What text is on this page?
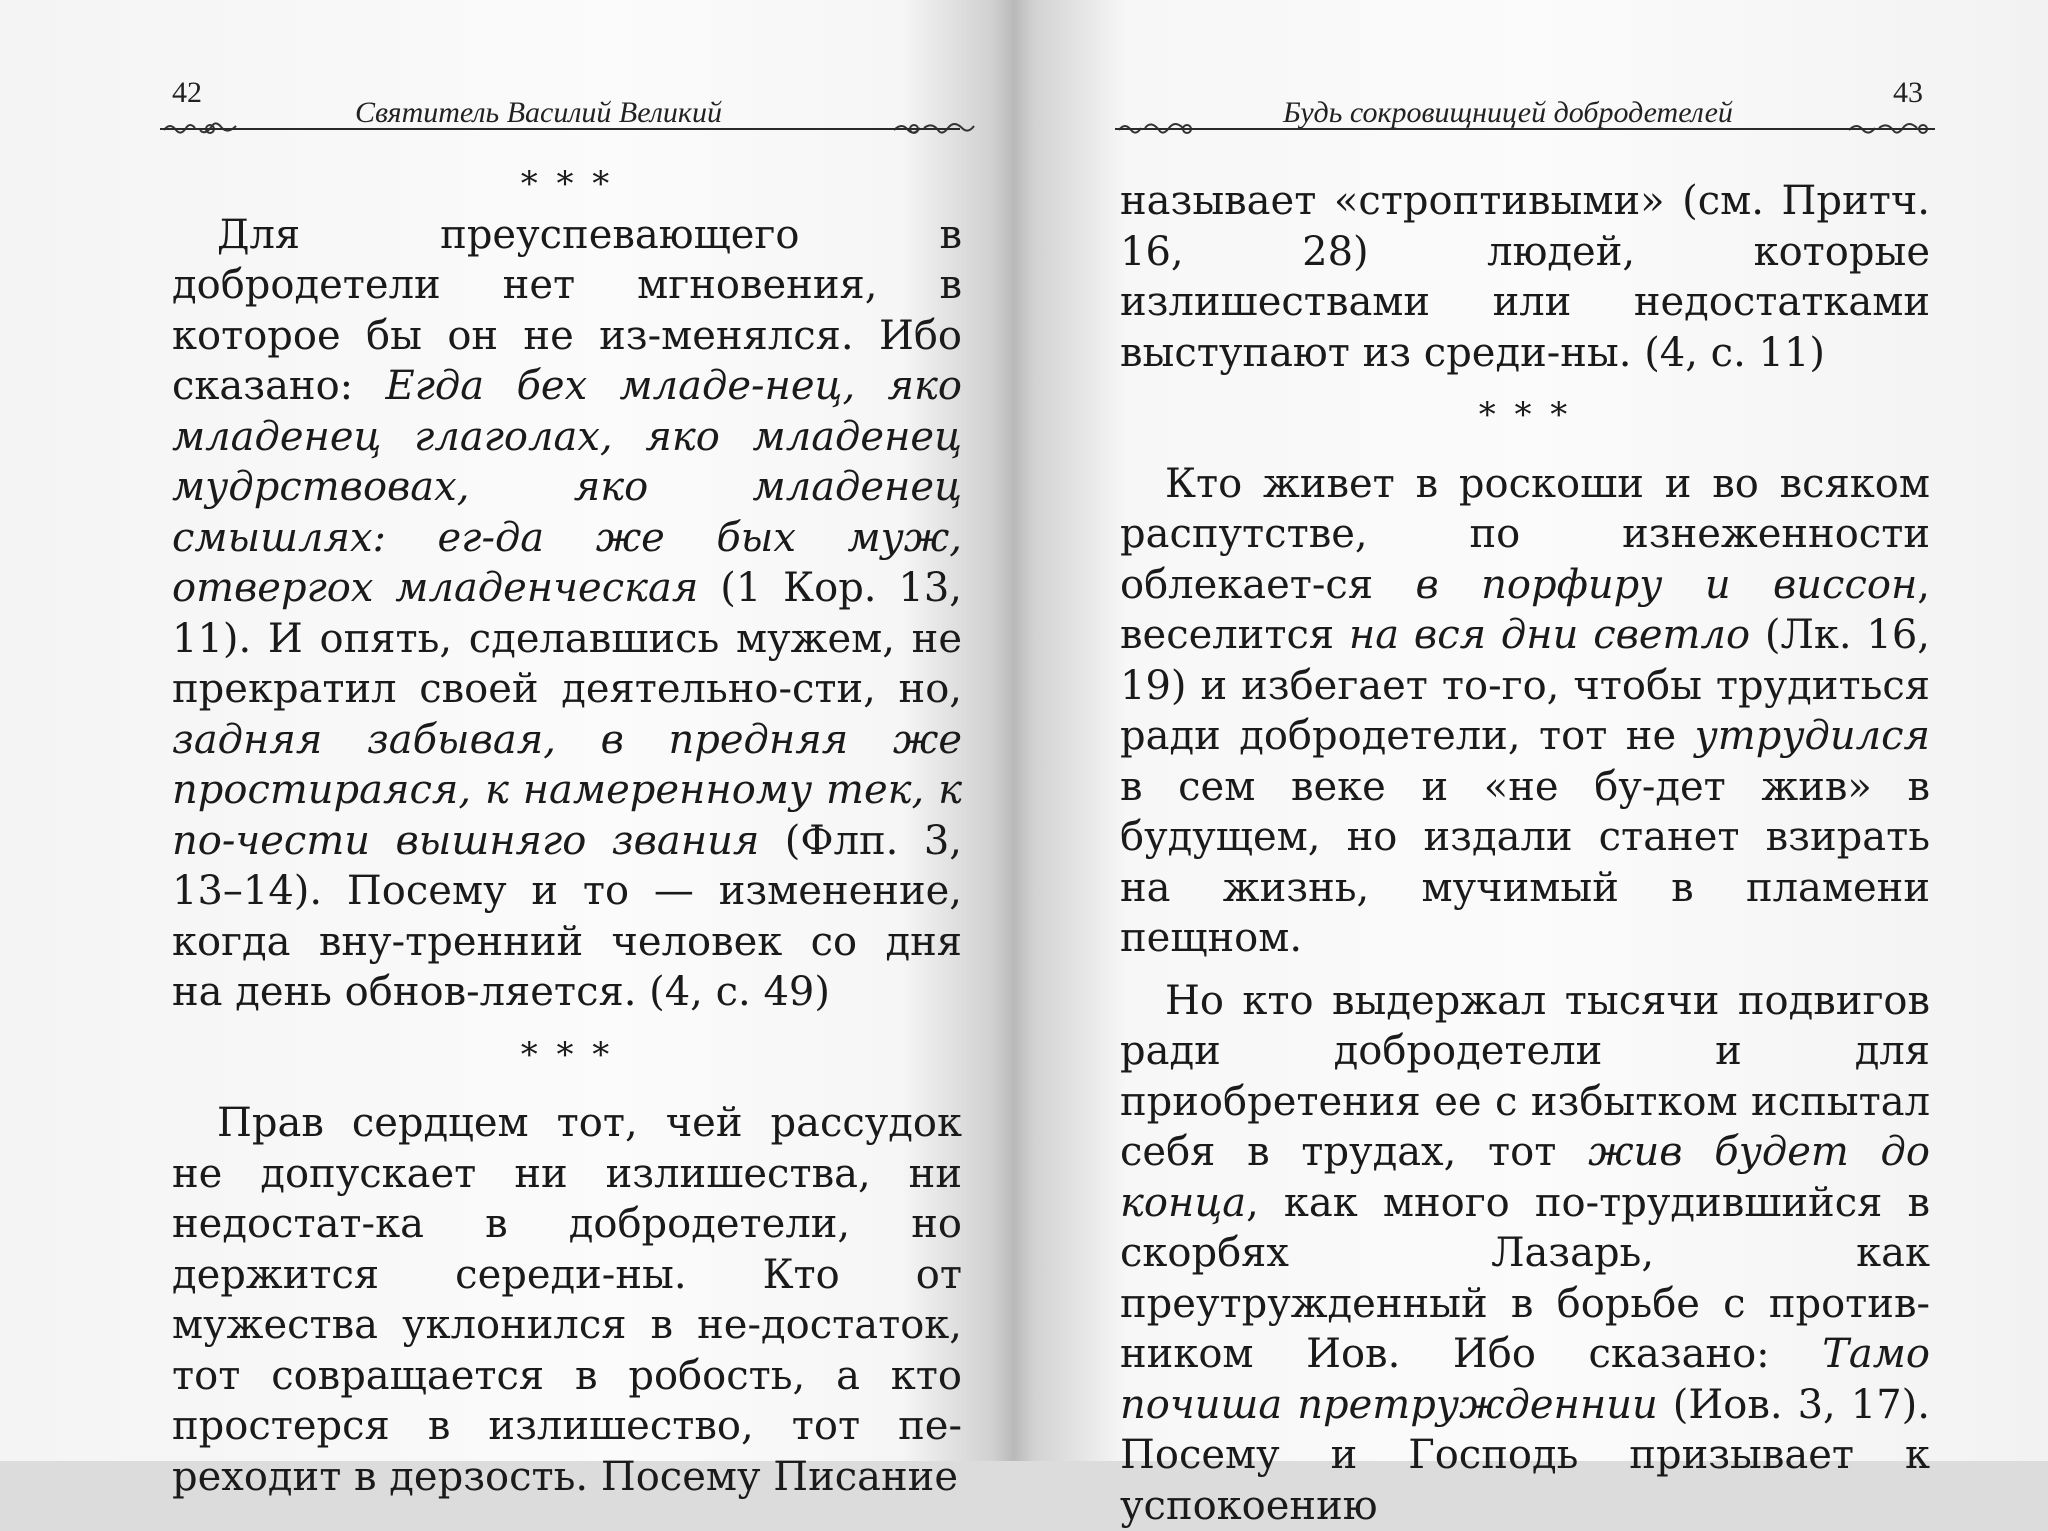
42
Святитель Василий Великий
* * *

Для преуспевающего в добродетели нет мгновения, в которое бы он не из-менялся. Ибо сказано: Егда бех младе-нец, яко младенец глаголах, яко младенец мудрствовах, яко младенец смышлях: ег-да же бых муж, отвергох младенческая (1 Кор. 13, 11). И опять, сделавшись мужем, не прекратил своей деятельно-сти, но, задняя забывая, в предняя же простираяся, к намеренному тек, к по-чести вышняго звания (Флп. 3, 13–14). Посему и то — изменение, когда вну-тренний человек со дня на день обнов-ляется. (4, с. 49)

* * *

Прав сердцем тот, чей рассудок не допускает ни излишества, ни недостат-ка в добродетели, но держится середи-ны. Кто от мужества уклонился в не-достаток, тот совращается в робость, а кто простерся в излишество, тот пе-реходит в дерзость. Посему Писание

Будь сокровищницей добродетелей
43

называет «строптивыми» (см. Притч. 16, 28) людей, которые излишествами или недостатками выступают из среди-ны. (4, с. 11)

* * *

Кто живет в роскоши и во всяком распутстве, по изнеженности облекает-ся в порфиру и виссон, веселится на вся дни светло (Лк. 16, 19) и избегает то-го, чтобы трудиться ради добродетели, тот не утрудился в сем веке и «не бу-дет жив» в будущем, но издали станет взирать на жизнь, мучимый в пламени пещном.

Но кто выдержал тысячи подвигов ради добродетели и для приобретения ее с избытком испытал себя в трудах, тот жив будет до конца, как много по-трудившийся в скорбях Лазарь, как преутружденный в борьбе с против-ником Иов. Ибо сказано: Тамо почиша претружденнии (Иов. 3, 17). Посему и Господь призывает к успокоению
